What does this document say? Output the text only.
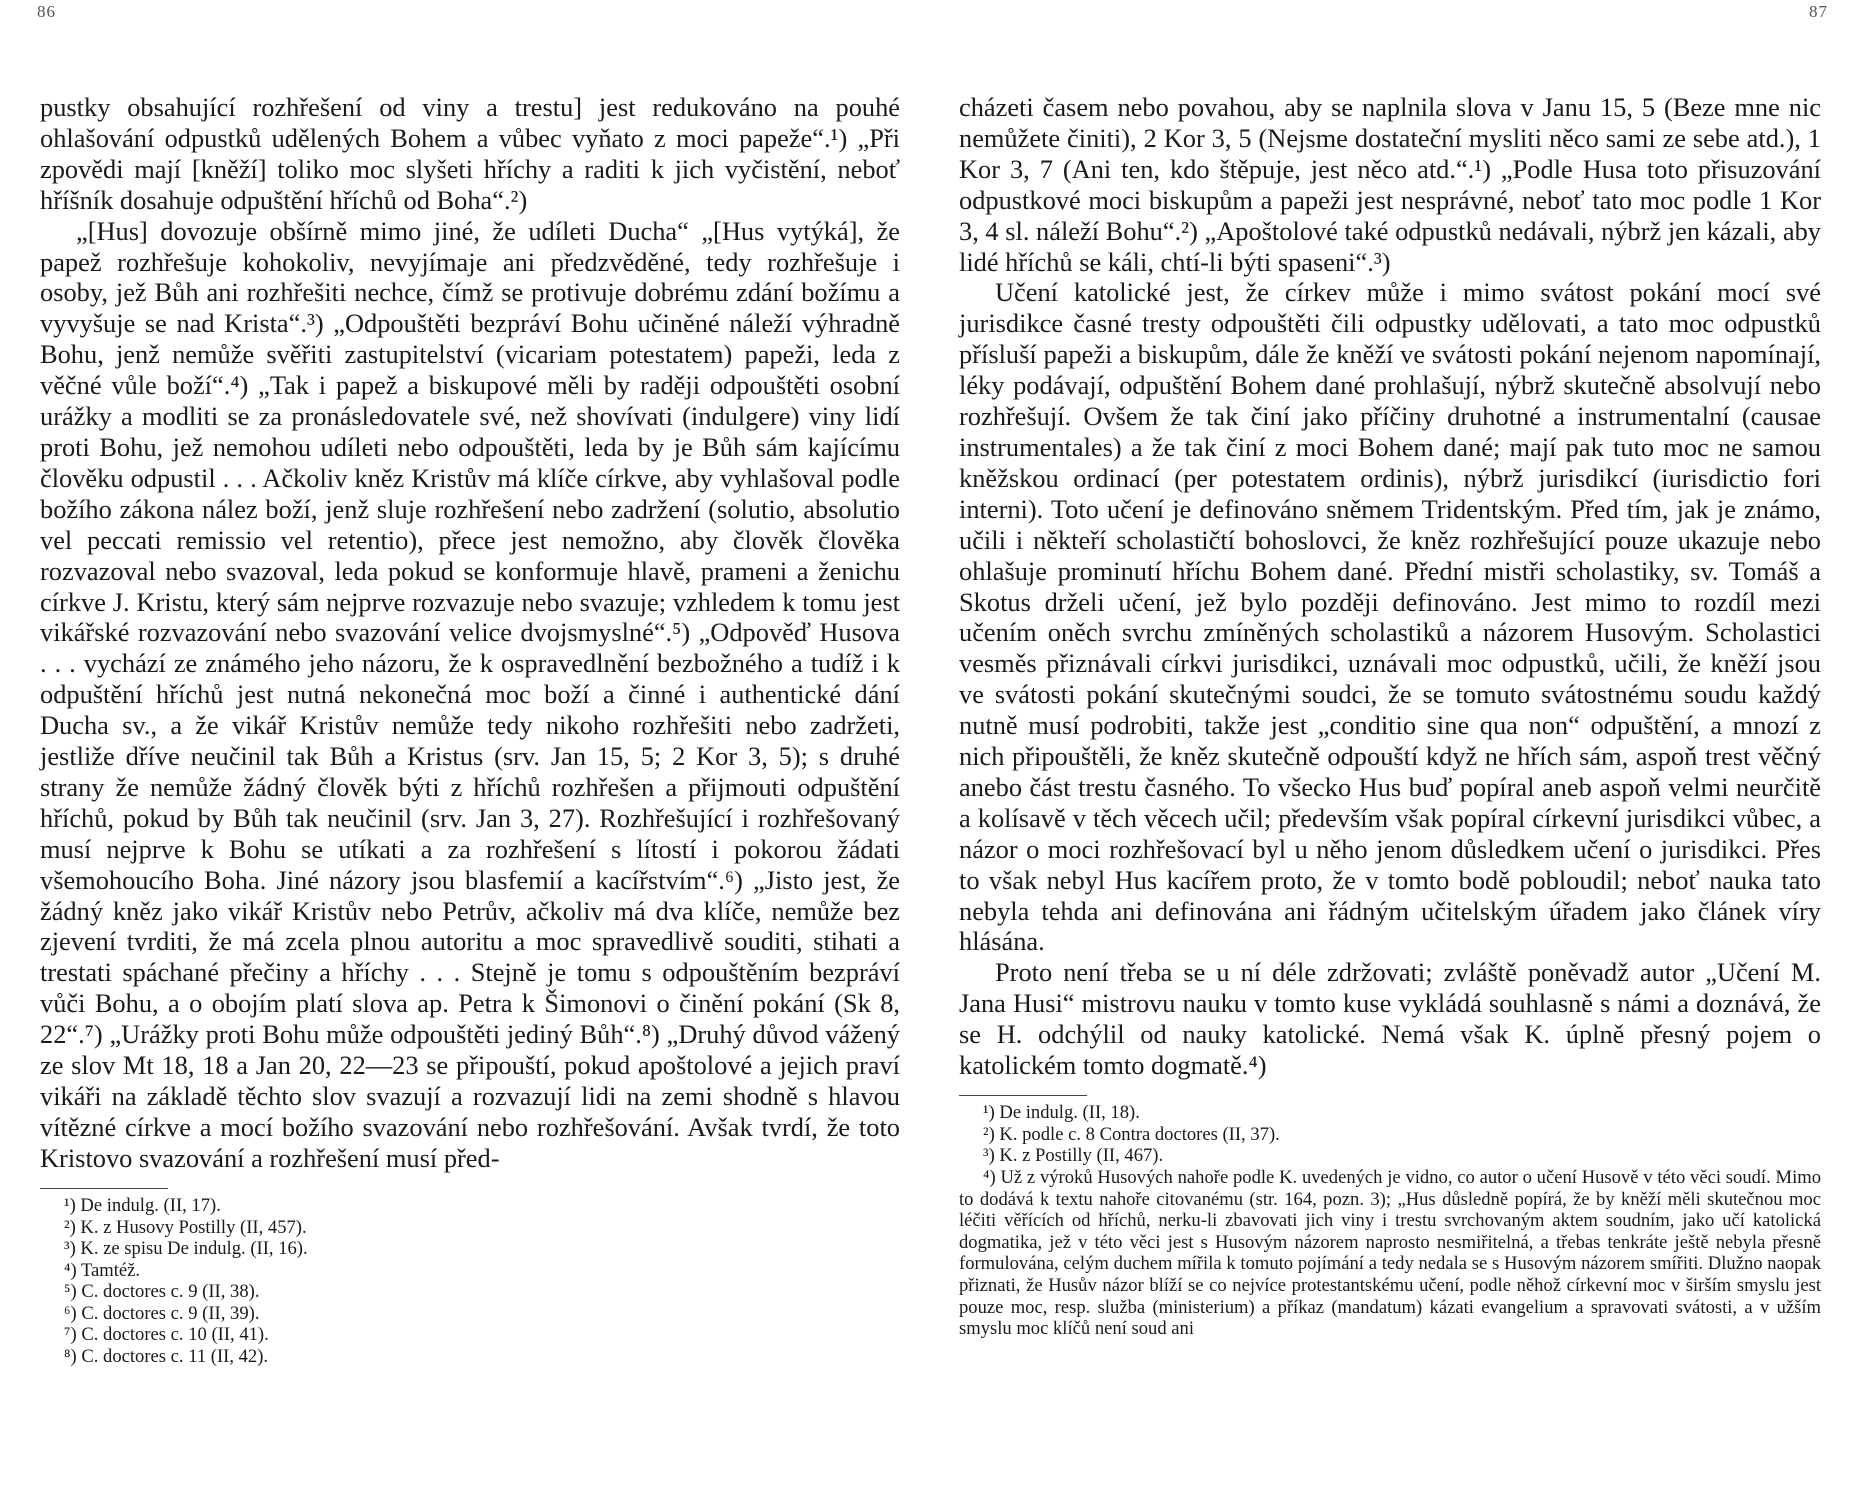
86

pustky obsahující rozhřešení od viny a trestu] jest redukováno na pouhé ohlašování odpustků udělených Bohem a vůbec vyňato z moci papeže“.¹) „Při zpovědi mají [kněží] toliko moc slyšeti hříchy a raditi k jich vyčistění, neboť hříšník dosahuje odpuštění hříchů od Boha“.²)

„[Hus] dovozuje obšírně mimo jiné, že udíleti Ducha“ „[Hus vytýká], že papež rozhřešuje kohokoliv, nevyjímaje ani předzvěděné, tedy rozhřešuje i osoby, jež Bůh ani rozhřešiti nechce, čímž se protivuje dobrému zdání božímu a vyvyšuje se nad Krista“.³) „Odpouštěti bezpráví Bohu učiněné náleží výhradně Bohu, jenž nemůže svěřiti zastupitelství (vicariam potestatem) papeži, leda z věčné vůle boží“.⁴) „Tak i papež a biskupové měli by raději odpouštěti osobní urážky a modliti se za pronásledovatele své, než shovívati (indulgere) viny lidí proti Bohu, jež nemohou udíleti nebo odpouštěti, leda by je Bůh sám kajícímu člověku odpustil . . . Ačkoliv kněz Kristův má klíče církve, aby vyhlašoval podle božího zákona nález boží, jenž sluje rozhřešení nebo zadržení (solutio, absolutio vel peccati remissio vel retentio), přece jest nemožno, aby člověk člověka rozvazoval nebo svazoval, leda pokud se konformuje hlavě, prameni a ženichu církve J. Kristu, který sám nejprve rozvazuje nebo svazuje; vzhledem k tomu jest vikářské rozvazování nebo svazování velice dvojsmyslné“.⁵) „Odpověď Husova . . . vychází ze známého jeho názoru, že k ospravedlnění bezbožného a tudíž i k odpuštění hříchů jest nutná nekonečná moc boží a činné i authentické dání Ducha sv., a že vikář Kristův nemůže tedy nikoho rozhřešiti nebo zadržeti, jestliže dříve neučinil tak Bůh a Kristus (srv. Jan 15, 5; 2 Kor 3, 5); s druhé strany že nemůže žádný člověk býti z hříchů rozhřešen a přijmouti odpuštění hříchů, pokud by Bůh tak neučinil (srv. Jan 3, 27). Rozhřešující i rozhřešovaný musí nejprve k Bohu se utíkati a za rozhřešení s lítostí i pokorou žádati všemohoucího Boha. Jiné názory jsou blasfemií a kacířstvím“.⁶) „Jisto jest, že žádný kněz jako vikář Kristův nebo Petrův, ačkoliv má dva klíče, nemůže bez zjevení tvrditi, že má zcela plnou autoritu a moc spravedlivě souditi, stihati a trestati spáchané přečiny a hříchy . . . Stejně je tomu s odpouštěním bezpráví vůči Bohu, a o obojím platí slova ap. Petra k Šimonovi o činění pokání (Sk 8, 22“.⁷) „Urážky proti Bohu může odpouštěti jediný Bůh“.⁸) „Druhý důvod vážený ze slov Mt 18, 18 a Jan 20, 22—23 se připouští, pokud apoštolové a jejich praví vikáři na základě těchto slov svazují a rozvazují lidi na zemi shodně s hlavou vítězné církve a mocí božího svazování nebo rozhřešování. Avšak tvrdí, že toto Kristovo svazování a rozhřešení musí před-

¹) De indulg. (II, 17).
²) K. z Husovy Postilly (II, 457).
³) K. ze spisu De indulg. (II, 16).
⁴) Tamtéž.
⁵) C. doctores c. 9 (II, 38).
⁶) C. doctores c. 9 (II, 39).
⁷) C. doctores c. 10 (II, 41).
⁸) C. doctores c. 11 (II, 42).
87

cházeti časem nebo povahou, aby se naplnila slova v Janu 15, 5 (Beze mne nic nemůžete činiti), 2 Kor 3, 5 (Nejsme dostateční mysliti něco sami ze sebe atd.), 1 Kor 3, 7 (Ani ten, kdo štěpuje, jest něco atd.“.¹) „Podle Husa toto přisuzování odpustkové moci biskupům a papeži jest nesprávné, neboť tato moc podle 1 Kor 3, 4 sl. náleží Bohu“.²) „Apoštolové také odpustků nedávali, nýbrž jen kázali, aby lidé hříchů se káli, chtí-li býti spaseni“.³)

Učení katolické jest, že církev může i mimo svátost pokání mocí své jurisdikce časné tresty odpouštěti čili odpustky udělovati, a tato moc odpustků přísluší papeži a biskupům, dále že kněží ve svátosti pokání nejenom napomínají, léky podávají, odpuštění Bohem dané prohlašují, nýbrž skutečně absolvují nebo rozhřešují. Ovšem že tak činí jako příčiny druhotné a instrumentalní (causae instrumentales) a že tak činí z moci Bohem dané; mají pak tuto moc ne samou kněžskou ordinací (per potestatem ordinis), nýbrž jurisdikcí (iurisdictio fori interni). Toto učení je definováno sněmem Tridentským. Před tím, jak je známo, učili i někteří scholastičtí bohoslovci, že kněz rozhřešující pouze ukazuje nebo ohlašuje prominutí hříchu Bohem dané. Přední mistři scholastiky, sv. Tomáš a Skotus drželi učení, jež bylo později definováno. Jest mimo to rozdíl mezi učením oněch svrchu zmíněných scholastiků a názorem Husovým. Scholastici vesměs přiznávali církvi jurisdikci, uznávali moc odpustků, učili, že kněží jsou ve svátosti pokání skutečnými soudci, že se tomuto svátostnému soudu každý nutně musí podrobiti, takže jest „conditio sine qua non“ odpuštění, a mnozí z nich připouštěli, že kněz skutečně odpouští když ne hřích sám, aspoň trest věčný anebo část trestu časného. To všecko Hus buď popíral aneb aspoň velmi neurčitě a kolísavě v těch věcech učil; především však popíral církevní jurisdikci vůbec, a názor o moci rozhřešovací byl u něho jenom důsledkem učení o jurisdikci. Přes to však nebyl Hus kacířem proto, že v tomto bodě pobloudil; neboť nauka tato nebyla tehda ani definována ani řádným učitelským úřadem jako článek víry hlásána.

Proto není třeba se u ní déle zdržovati; zvláště poněvadž autor „Učení M. Jana Husi“ mistrovu nauku v tomto kuse vykládá souhlasně s námi a doznává, že se H. odchýlil od nauky katolické. Nemá však K. úplně přesný pojem o katolickém tomto dogmatě.⁴)

¹) De indulg. (II, 18).
²) K. podle c. 8 Contra doctores (II, 37).
³) K. z Postilly (II, 467).
⁴) Už z výroků Husových nahoře podle K. uvedených je vidno, co autor o učení Husově v této věci soudí. Mimo to dodává k textu nahoře citovanému (str. 164, pozn. 3); „Hus důsledně popírá, že by kněží měli skutečnou moc léčiti věřících od hříchů, nerku-li zbavovati jich viny i trestu svrchovaným aktem soudním, jako učí katolická dogmatika, jež v této věci jest s Husovým názorem naprosto nesmiřitelná, a třebas tenkráte ještě nebyla přesně formulována, celým duchem mířila k tomuto pojímání a tedy nedala se s Husovým názorem smířiti. Dlužno naopak přiznati, že Husův názor blíží se co nejvíce protestantskému učení, podle něhož církevní moc v širším smyslu jest pouze moc, resp. služba (ministerium) a příkaz (mandatum) kázati evangelium a spravovati svátosti, a v užším smyslu moc klíčů není soud ani
